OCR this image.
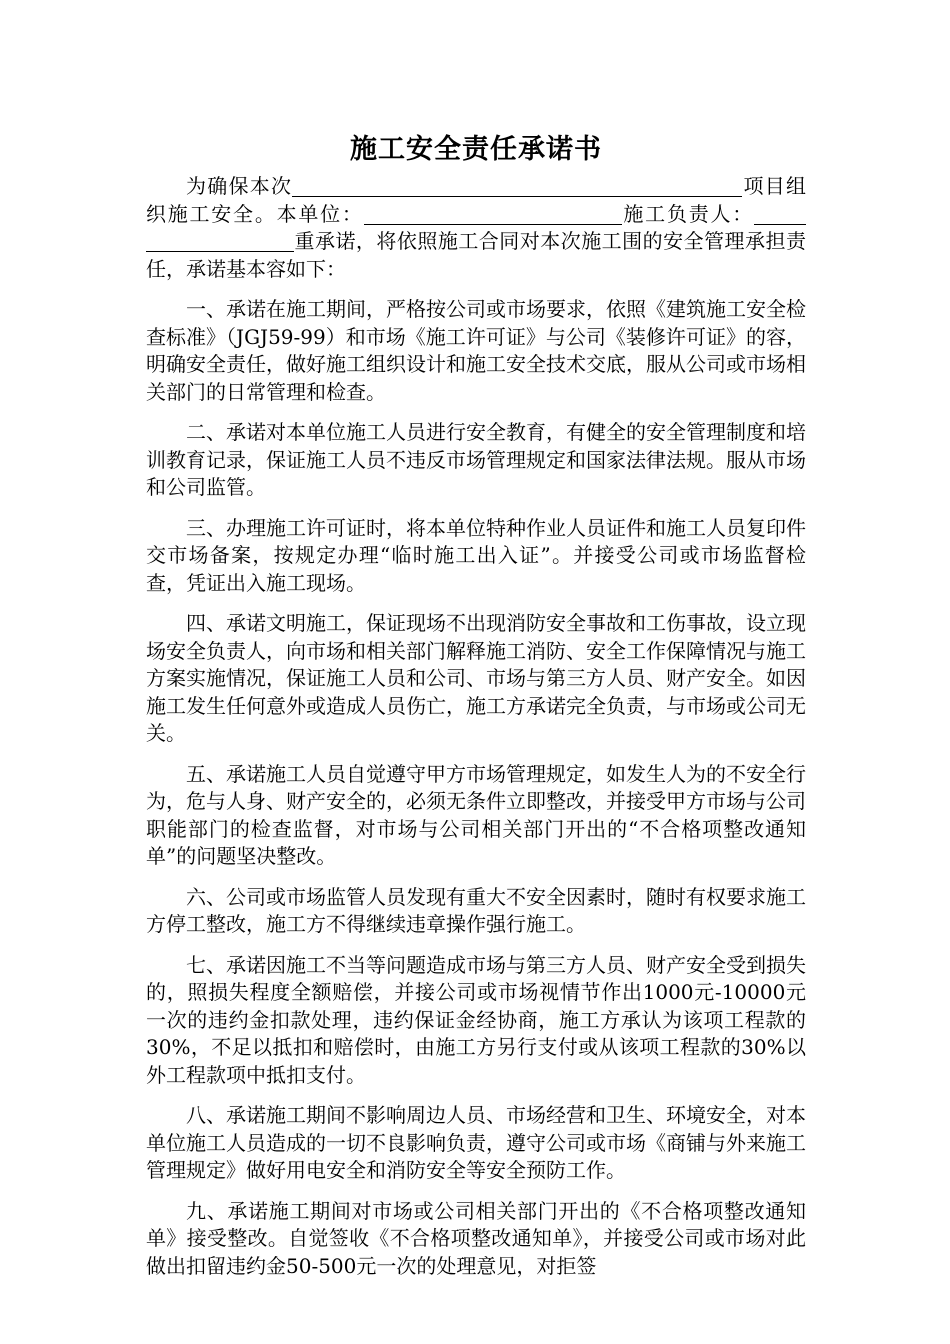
施工安全责任承诺书

为确保本次	项目组织施工安全。本单位：	施工负责人：重承诺，将依照施工合同对本次施工围的安全管理承担责任，承诺基本容如下：

一、承诺在施工期间，严格按公司或市场要求，依照《建筑施工安全检查标准》（JGJ59-99）和市场《施工许可证》与公司《装修许可证》的容，明确安全责任，做好施工组织设计和施工安全技术交底，服从公司或市场相关部门的日常管理和检查。

二、承诺对本单位施工人员进行安全教育，有健全的安全管理制度和培训教育记录，保证施工人员不违反市场管理规定和国家法律法规。服从市场和公司监管。

三、办理施工许可证时，将本单位特种作业人员证件和施工人员复印件交市场备案，按规定办理“临时施工出入证”。并接受公司或市场监督检查，凭证出入施工现场。

四、承诺文明施工，保证现场不出现消防安全事故和工伤事故，设立现场安全负责人，向市场和相关部门解释施工消防、安全工作保障情况与施工方案实施情况，保证施工人员和公司、市场与第三方人员、财产安全。如因施工发生任何意外或造成人员伤亡，施工方承诺完全负责，与市场或公司无关。

五、承诺施工人员自觉遵守甲方市场管理规定，如发生人为的不安全行为，危与人身、财产安全的，必须无条件立即整改，并接受甲方市场与公司职能部门的检查监督，对市场与公司相关部门开出的“不合格项整改通知单”的问题坚决整改。

六、公司或市场监管人员发现有重大不安全因素时，随时有权要求施工方停工整改，施工方不得继续违章操作强行施工。

七、承诺因施工不当等问题造成市场与第三方人员、财产安全受到损失的，照损失程度全额赔偿，并接公司或市场视情节作出1000元-10000元一次的违约金扣款处理，违约保证金经协商，施工方承认为该项工程款的30%，不足以抵扣和赔偿时，由施工方另行支付或从该项工程款的30%以外工程款项中抵扣支付。

八、承诺施工期间不影响周边人员、市场经营和卫生、环境安全，对本单位施工人员造成的一切不良影响负责，遵守公司或市场《商铺与外来施工管理规定》做好用电安全和消防安全等安全预防工作。

九、承诺施工期间对市场或公司相关部门开出的《不合格项整改通知单》接受整改。自觉签收《不合格项整改通知单》，并接受公司或市场对此做出扣留违约金50-500元一次的处理意见，对拒签
